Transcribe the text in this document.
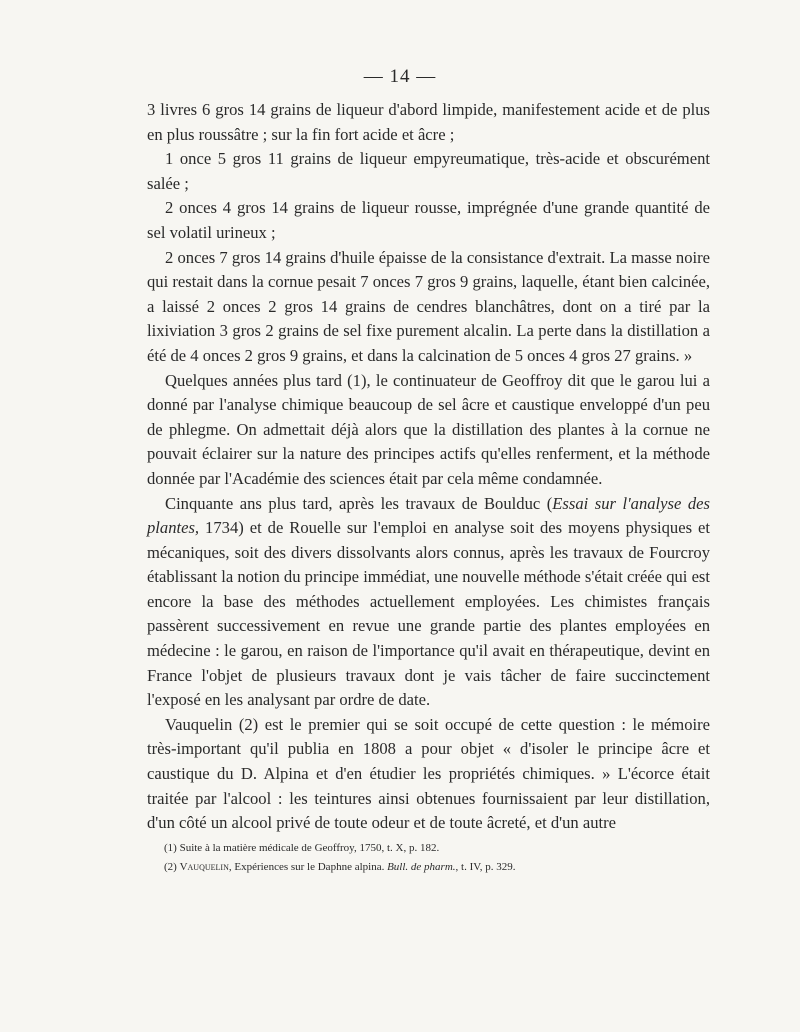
— 14 —

3 livres 6 gros 14 grains de liqueur d'abord limpide, manifestement acide et de plus en plus roussâtre ; sur la fin fort acide et âcre ;

1 once 5 gros 11 grains de liqueur empyreumatique, très-acide et obscurément salée ;

2 onces 4 gros 14 grains de liqueur rousse, imprégnée d'une grande quantité de sel volatil urineux ;

2 onces 7 gros 14 grains d'huile épaisse de la consistance d'extrait. La masse noire qui restait dans la cornue pesait 7 onces 7 gros 9 grains, laquelle, étant bien calcinée, a laissé 2 onces 2 gros 14 grains de cendres blanchâtres, dont on a tiré par la lixiviation 3 gros 2 grains de sel fixe purement alcalin. La perte dans la distillation a été de 4 onces 2 gros 9 grains, et dans la calcination de 5 onces 4 gros 27 grains. »

Quelques années plus tard (1), le continuateur de Geoffroy dit que le garou lui a donné par l'analyse chimique beaucoup de sel âcre et caustique enveloppé d'un peu de phlegme. On admettait déjà alors que la distillation des plantes à la cornue ne pouvait éclairer sur la nature des principes actifs qu'elles renferment, et la méthode donnée par l'Académie des sciences était par cela même condamnée.

Cinquante ans plus tard, après les travaux de Boulduc (Essai sur l'analyse des plantes, 1734) et de Rouelle sur l'emploi en analyse soit des moyens physiques et mécaniques, soit des divers dissolvants alors connus, après les travaux de Fourcroy établissant la notion du principe immédiat, une nouvelle méthode s'était créée qui est encore la base des méthodes actuellement employées. Les chimistes français passèrent successivement en revue une grande partie des plantes employées en médecine : le garou, en raison de l'importance qu'il avait en thérapeutique, devint en France l'objet de plusieurs travaux dont je vais tâcher de faire succinctement l'exposé en les analysant par ordre de date.

Vauquelin (2) est le premier qui se soit occupé de cette question : le mémoire très-important qu'il publia en 1808 a pour objet « d'isoler le principe âcre et caustique du D. Alpina et d'en étudier les propriétés chimiques. » L'écorce était traitée par l'alcool : les teintures ainsi obtenues fournissaient par leur distillation, d'un côté un alcool privé de toute odeur et de toute âcreté, et d'un autre

(1) Suite à la matière médicale de Geoffroy, 1750, t. X, p. 182.
(2) Vauquelin, Expériences sur le Daphne alpina. Bull. de pharm., t. IV, p. 329.
